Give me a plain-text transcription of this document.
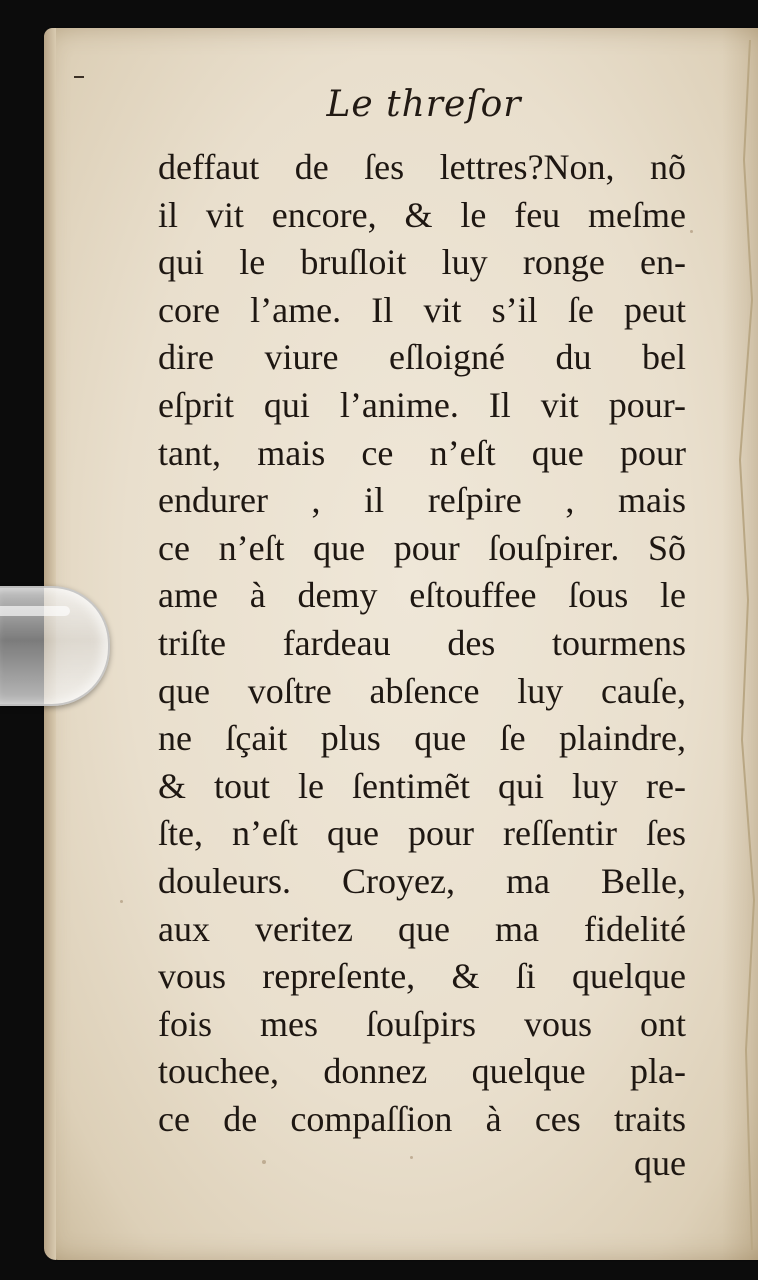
Le threſor
deffaut de ſes lettres?Non, nõ
il vit encore, & le feu meſme
qui le bruſloit luy ronge en-
core l’ame. Il vit s’il ſe peut
dire viure eſloigné du bel
eſprit qui l’anime. Il vit pour-
tant, mais ce n’eſt que pour
endurer , il reſpire , mais
ce n’eſt que pour ſouſpirer. Sõ
ame à demy eſtouffee ſous le
triſte fardeau des tourmens
que voſtre abſence luy cauſe,
ne ſçait plus que ſe plaindre,
& tout le ſentimẽt qui luy re-
ſte, n’eſt que pour reſſentir ſes
douleurs. Croyez, ma Belle,
aux veritez que ma fidelité
vous repreſente, & ſi quelque
fois mes ſouſpirs vous ont
touchee, donnez quelque pla-
ce de compaſſion à ces traits
que
